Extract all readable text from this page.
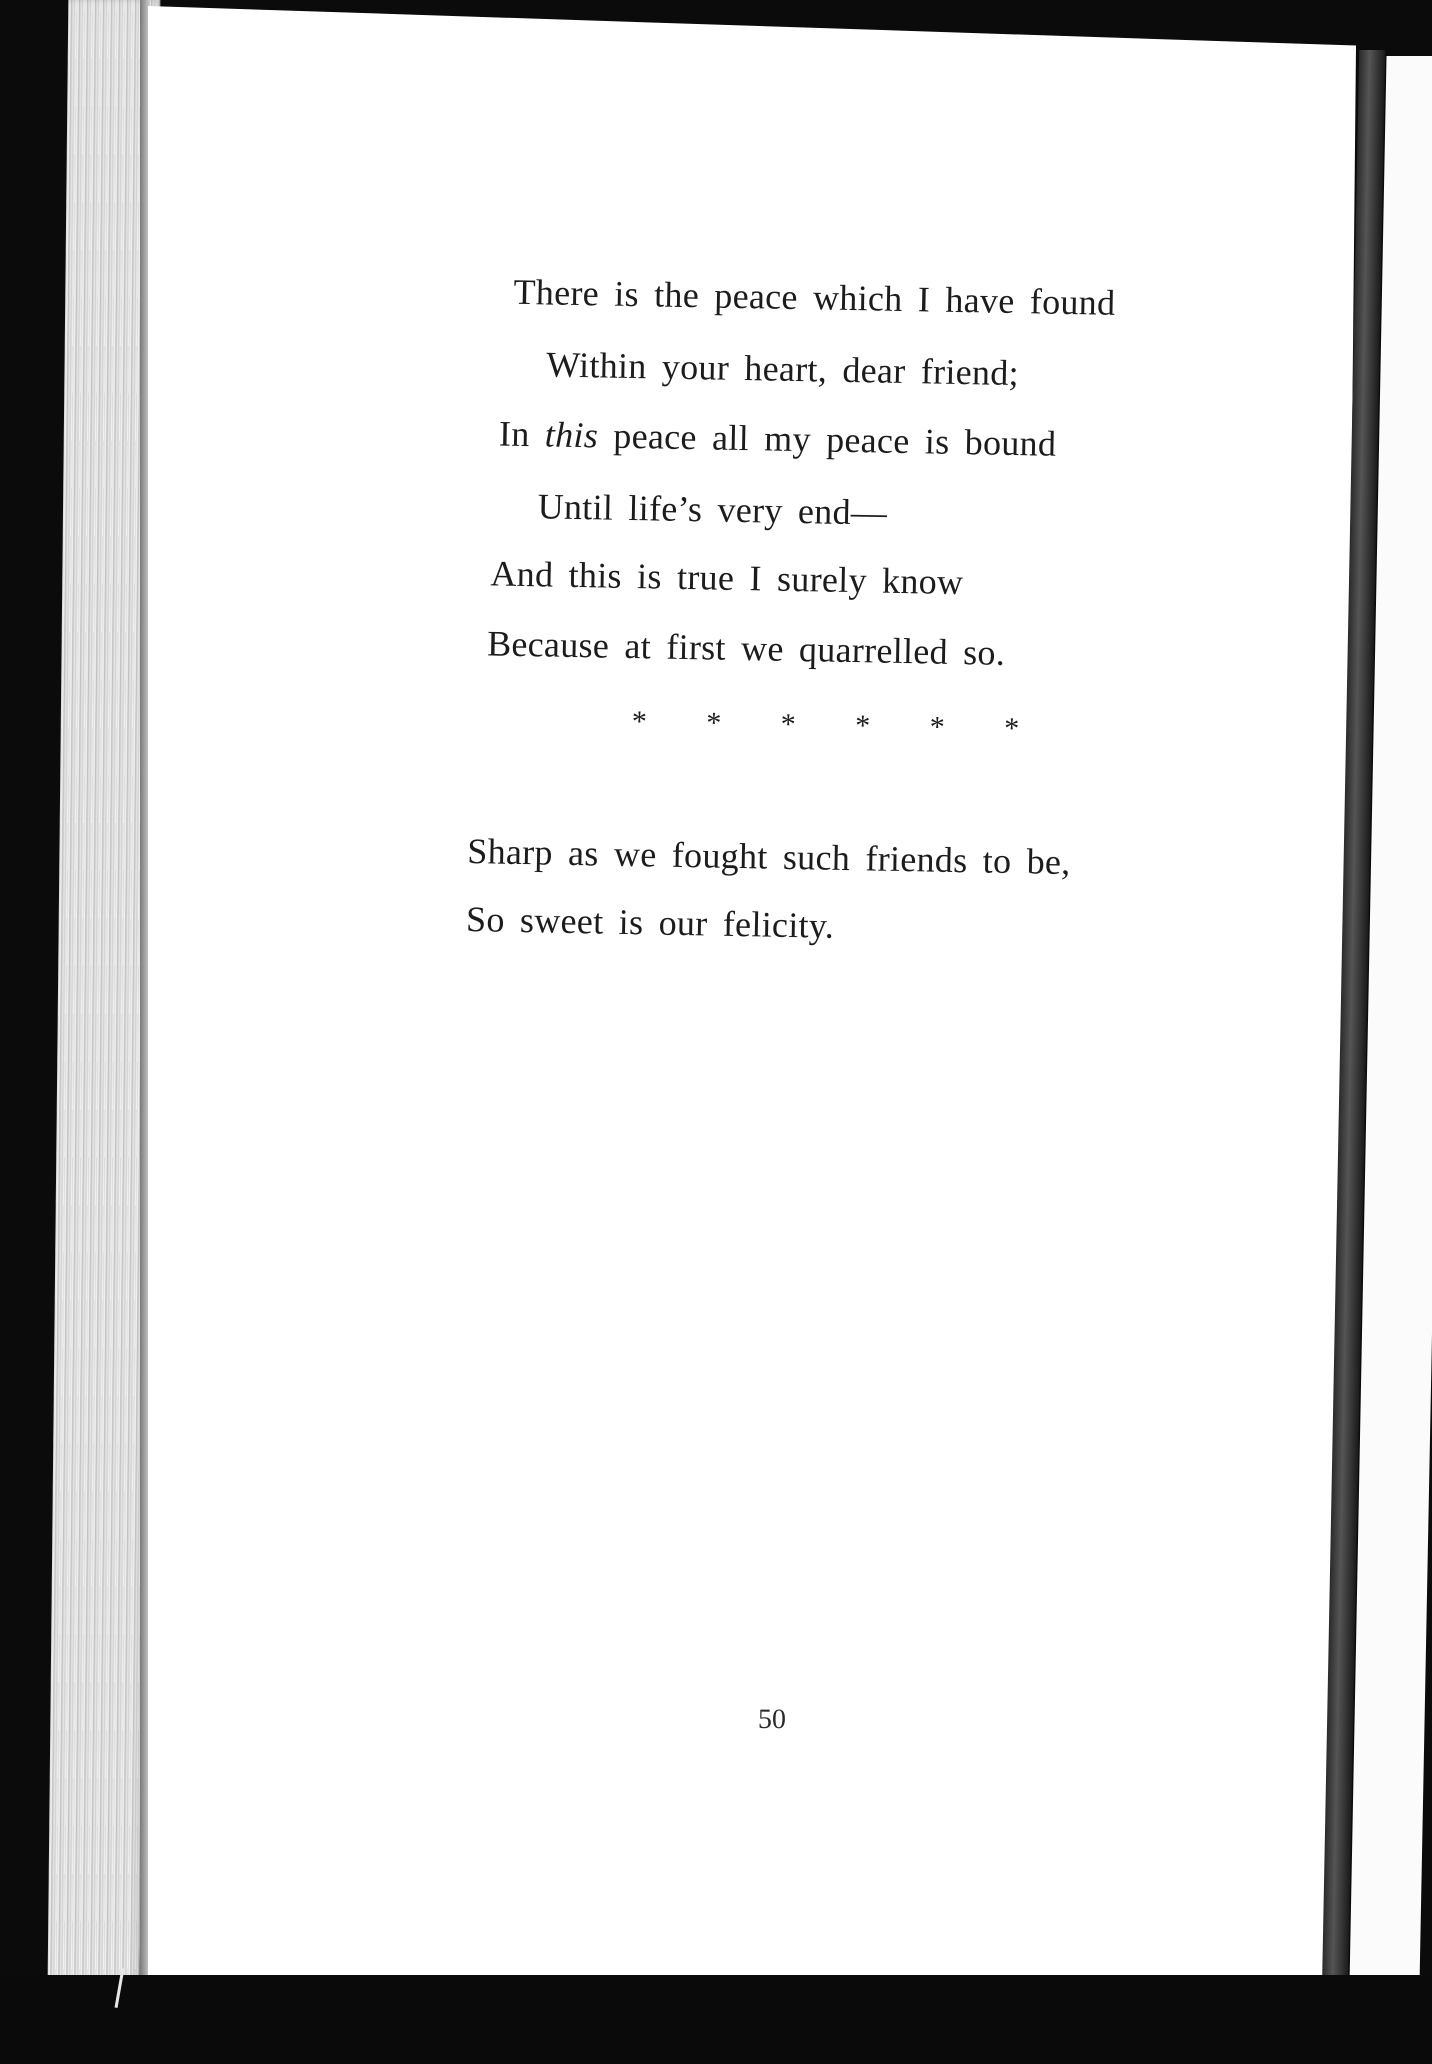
There is the peace which I have found
Within your heart, dear friend;
In this peace all my peace is bound
Until life’s very end—
And this is true I surely know
Because at first we quarrelled so.
* * * * * *
Sharp as we fought such friends to be,
So sweet is our felicity.
50
